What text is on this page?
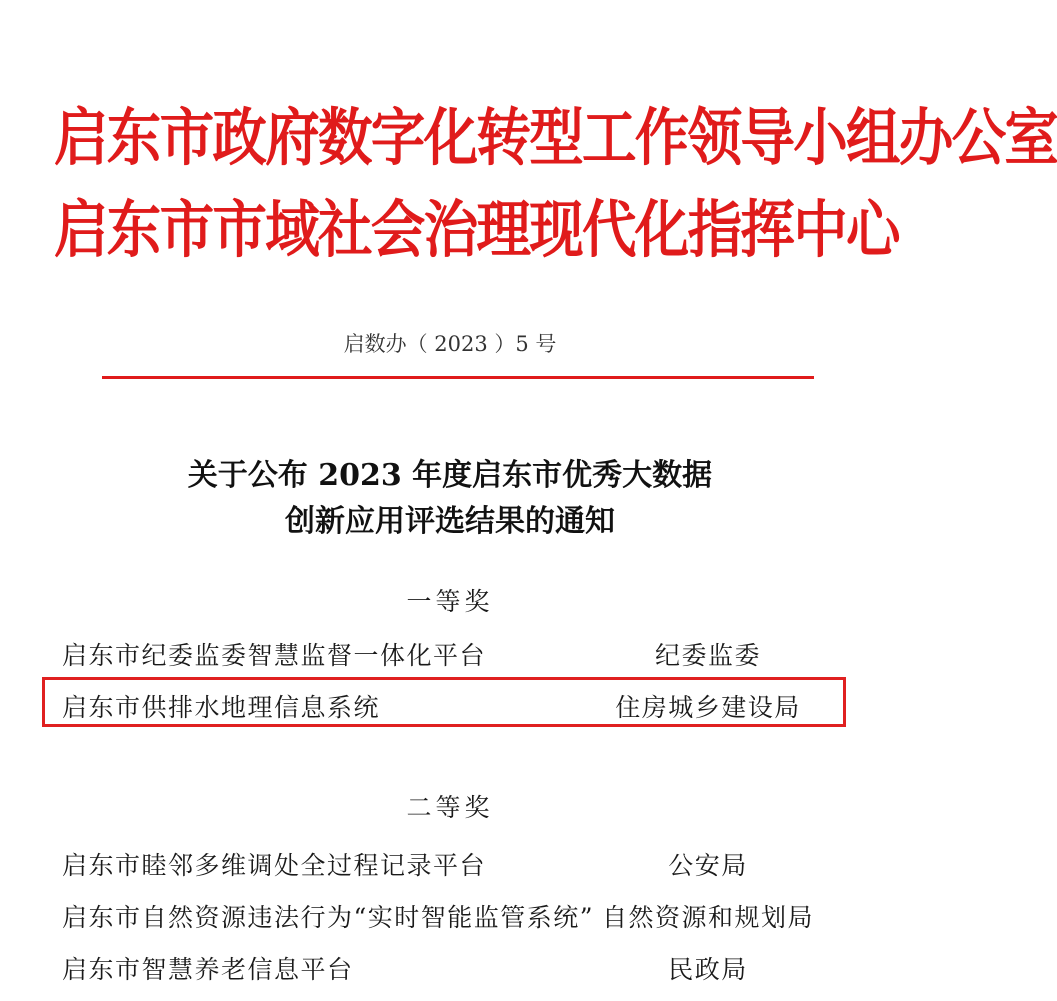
启东市政府数字化转型工作领导小组办公室
启东市市域社会治理现代化指挥中心
启数办（ 2023 ）5 号
关于公布 2023 年度启东市优秀大数据
创新应用评选结果的通知
一等奖
启东市纪委监委智慧监督一体化平台	纪委监委
启东市供排水地理信息系统	住房城乡建设局
二等奖
启东市睦邻多维调处全过程记录平台	公安局
启东市自然资源违法行为“实时智能监管系统” 自然资源和规划局
启东市智慧养老信息平台	民政局
